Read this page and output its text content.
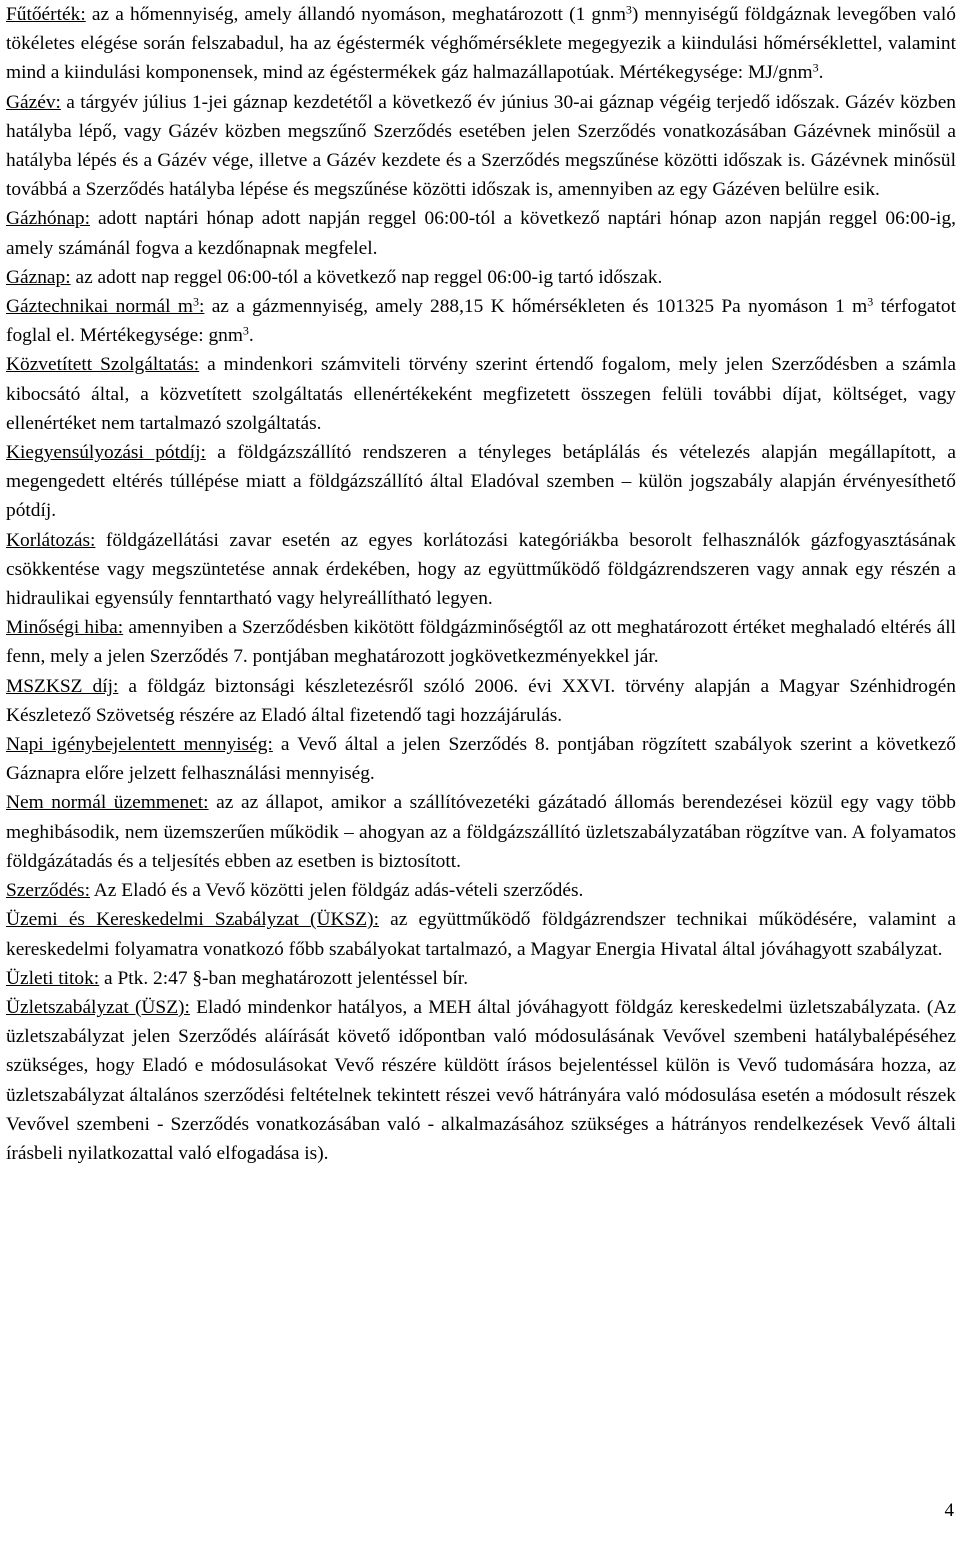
Fűtőérték: az a hőmennyiség, amely állandó nyomáson, meghatározott (1 gnm$^3$) mennyiségű földgáznak levegőben való tökéletes elégése során felszabadul, ha az égéstermék véghőmérséklete megegyezik a kiindulási hőmérséklettel, valamint mind a kiindulási komponensek, mind az égéstermékek gáz halmazállapotúak. Mértékegysége: MJ/gnm$^3$.
Gázév: a tárgyév július 1-jei gáznap kezdetétől a következő év június 30-ai gáznap végéig terjedő időszak. Gázév közben hatályba lépő, vagy Gázév közben megszűnő Szerződés esetében jelen Szerződés vonatkozásában Gázévnek minősül a hatályba lépés és a Gázév vége, illetve a Gázév kezdete és a Szerződés megszűnése közötti időszak is. Gázévnek minősül továbbá a Szerződés hatályba lépése és megszűnése közötti időszak is, amennyiben az egy Gázéven belülre esik.
Gázhónap: adott naptári hónap adott napján reggel 06:00-tól a következő naptári hónap azon napján reggel 06:00-ig, amely számánál fogva a kezdőnapnak megfelel.
Gáznap: az adott nap reggel 06:00-tól a következő nap reggel 06:00-ig tartó időszak.
Gáztechnikai normál $m^3$: az a gázmennyiség, amely 288,15 K hőmérsékleten és 101325 Pa nyomáson 1 $m^3$ térfogatot foglal el. Mértékegysége: gnm$^3$.
Közvetített Szolgáltatás: a mindenkori számviteli törvény szerint értendő fogalom, mely jelen Szerződésben a számla kibocsátó által, a közvetített szolgáltatás ellenértékeként megfizetett összegen felüli további díjat, költséget, vagy ellenértéket nem tartalmazó szolgáltatás.
Kiegyensúlyozási pótdíj: a földgázszállító rendszeren a tényleges betáplálás és vételezés alapján megállapított, a megengedett eltérés túllépése miatt a földgázszállító által Eladóval szemben – külön jogszabály alapján érvényesíthető pótdíj.
Korlátozás: földgázellátási zavar esetén az egyes korlátozási kategóriákba besorolt felhasználók gázfogyasztásának csökkentése vagy megszüntetése annak érdekében, hogy az együttműködő földgázrendszeren vagy annak egy részén a hidraulikai egyensúly fenntartható vagy helyreállítható legyen.
Minőségi hiba: amennyiben a Szerződésben kikötött földgázminőségtől az ott meghatározott értéket meghaladó eltérés áll fenn, mely a jelen Szerződés 7. pontjában meghatározott jogkövetkezményekkel jár.
MSZKSZ díj: a földgáz biztonsági készletezésről szóló 2006. évi XXVI. törvény alapján a Magyar Szénhidrogén Készletező Szövetség részére az Eladó által fizetendő tagi hozzájárulás.
Napi igénybejelentett mennyiség: a Vevő által a jelen Szerződés 8. pontjában rögzített szabályok szerint a következő Gáznapra előre jelzett felhasználási mennyiség.
Nem normál üzemmenet: az az állapot, amikor a szállítóvezetéki gázátadó állomás berendezései közül egy vagy több meghibásodik, nem üzemszerűen működik – ahogyan az a földgázszállító üzletszabályzatában rögzítve van. A folyamatos földgázátadás és a teljesítés ebben az esetben is biztosított.
Szerződés: Az Eladó és a Vevő közötti jelen földgáz adás-vételi szerződés.
Üzemi és Kereskedelmi Szabályzat (ÜKSZ): az együttműködő földgázrendszer technikai működésére, valamint a kereskedelmi folyamatra vonatkozó főbb szabályokat tartalmazó, a Magyar Energia Hivatal által jóváhagyott szabályzat.
Üzleti titok: a Ptk. 2:47 §-ban meghatározott jelentéssel bír.
Üzletszabályzat (ÜSZ): Eladó mindenkor hatályos, a MEH által jóváhagyott földgáz kereskedelmi üzletszabályzata. (Az üzletszabályzat jelen Szerződés aláírását követő időpontban való módosulásának Vevővel szembeni hatálybalépéséhez szükséges, hogy Eladó e módosulásokat Vevő részére küldött írásos bejelentéssel külön is Vevő tudomására hozza, az üzletszabályzat általános szerződési feltételnek tekintett részei vevő hátrányára való módosulása esetén a módosult részek Vevővel szembeni - Szerződés vonatkozásában való - alkalmazásához szükséges a hátrányos rendelkezések Vevő általi írásbeli nyilatkozattal való elfogadása is).
4
